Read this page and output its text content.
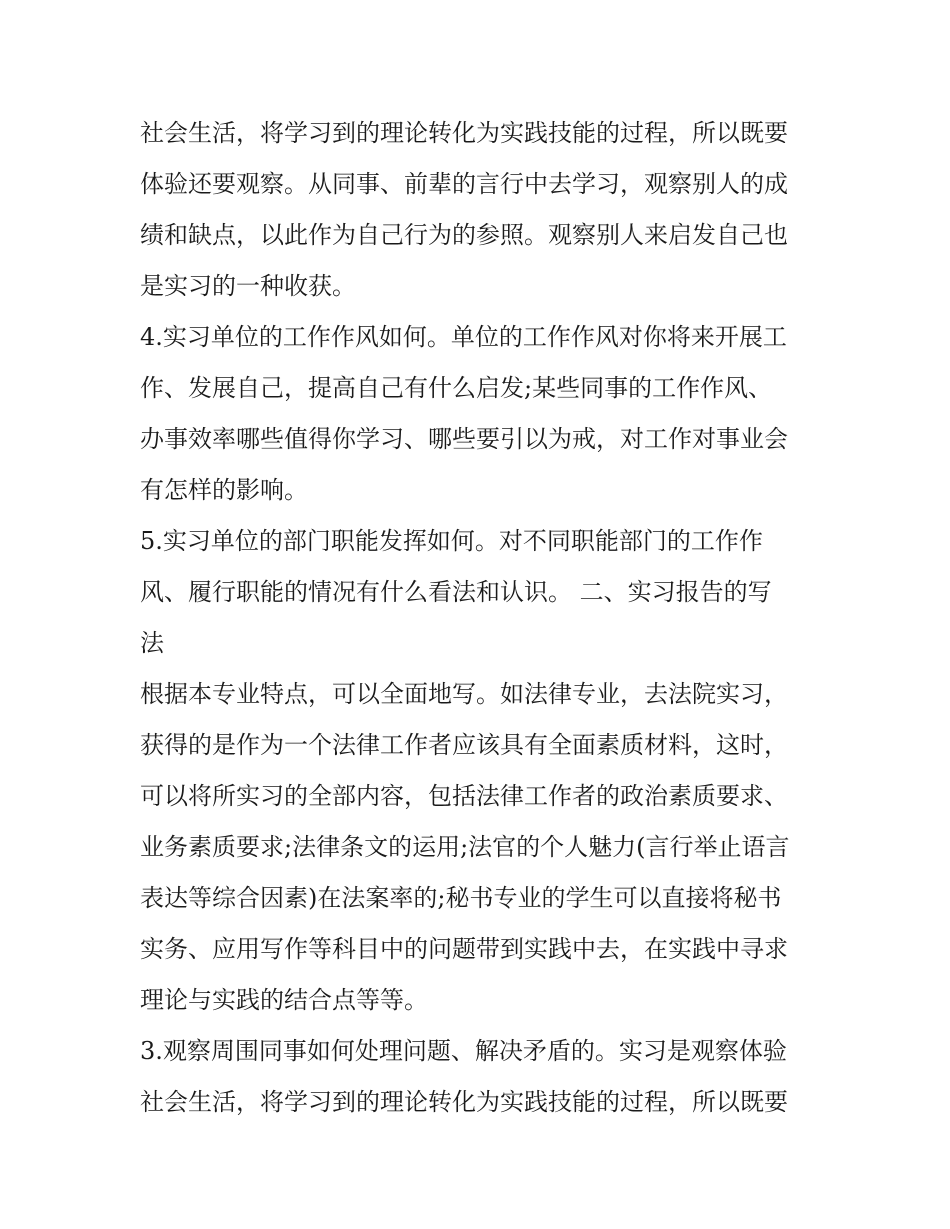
社会生活，将学习到的理论转化为实践技能的过程，所以既要
体验还要观察。从同事、前辈的言行中去学习，观察别人的成
绩和缺点，以此作为自己行为的参照。观察别人来启发自己也
是实习的一种收获。
4.实习单位的工作作风如何。单位的工作作风对你将来开展工
作、发展自己，提高自己有什么启发;某些同事的工作作风、
办事效率哪些值得你学习、哪些要引以为戒，对工作对事业会
有怎样的影响。
5.实习单位的部门职能发挥如何。对不同职能部门的工作作
风、履行职能的情况有什么看法和认识。 二、实习报告的写
法
根据本专业特点，可以全面地写。如法律专业，去法院实习，
获得的是作为一个法律工作者应该具有全面素质材料，这时，
可以将所实习的全部内容，包括法律工作者的政治素质要求、
业务素质要求;法律条文的运用;法官的个人魅力(言行举止语言
表达等综合因素)在法案率的;秘书专业的学生可以直接将秘书
实务、应用写作等科目中的问题带到实践中去，在实践中寻求
理论与实践的结合点等等。
3.观察周围同事如何处理问题、解决矛盾的。实习是观察体验
社会生活，将学习到的理论转化为实践技能的过程，所以既要
